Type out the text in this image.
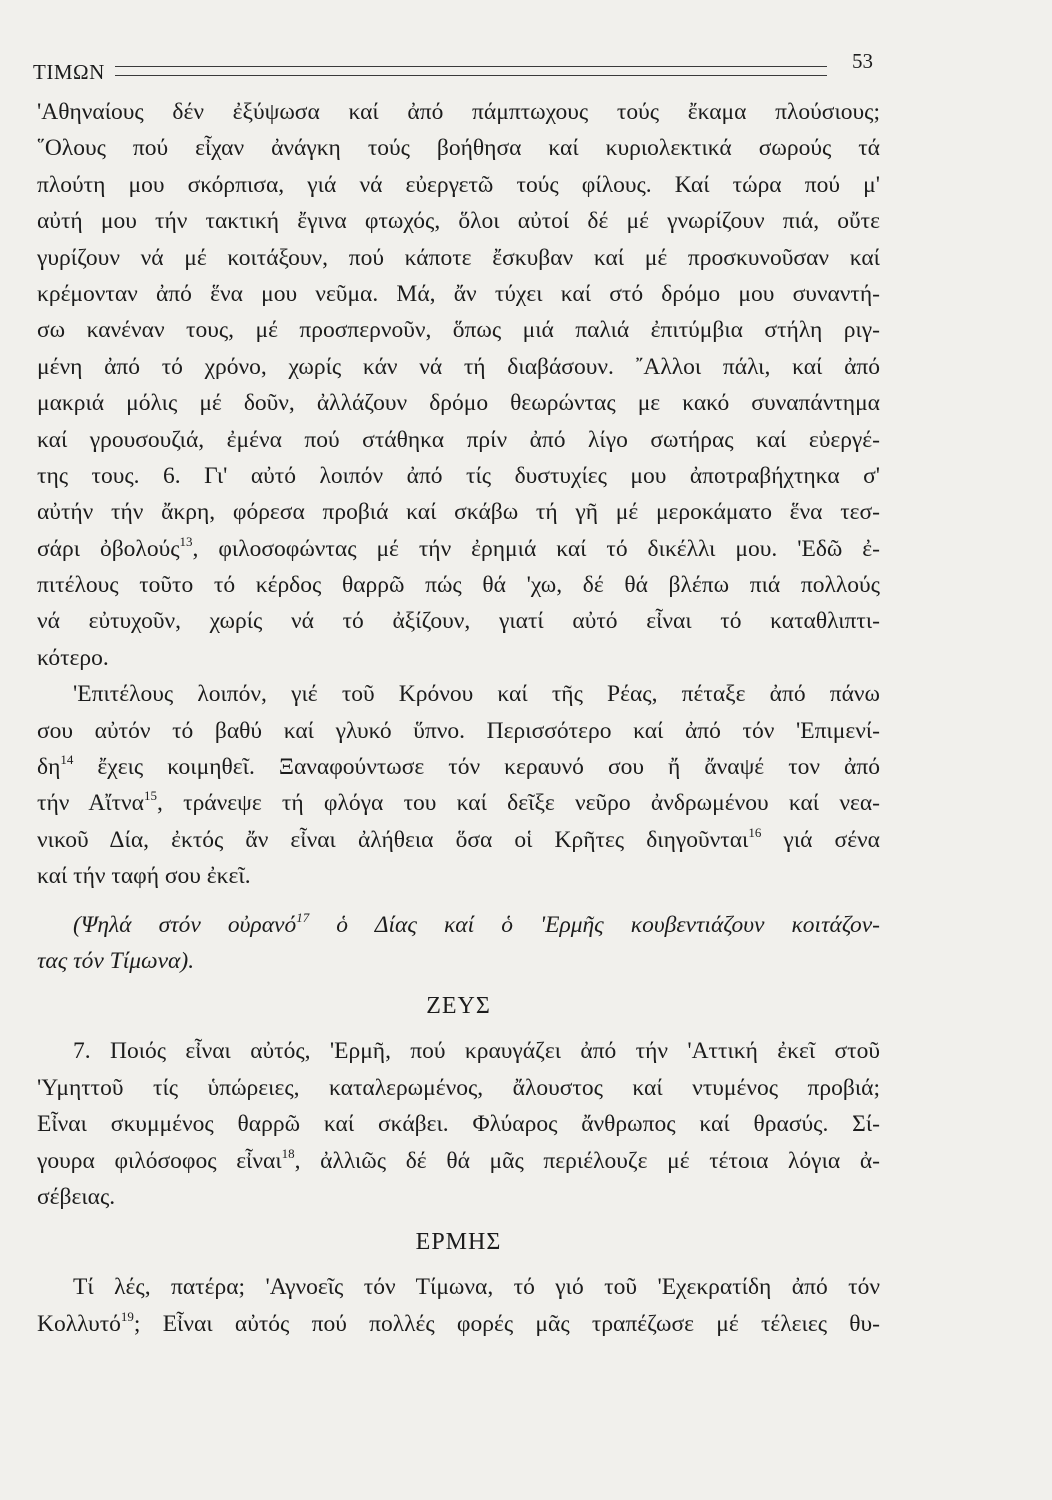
ΤΙΜΩΝ	53
'Αθηναίους δέν ἐξύψωσα καί ἀπό πάμπτωχους τούς ἔκαμα πλούσιους;
῞Ολους πού εἶχαν ἀνάγκη τούς βοήθησα καί κυριολεκτικά σωρούς τά
πλούτη μου σκόρπισα, γιά νά εὐεργετῶ τούς φίλους. Καί τώρα πού μ'
αὐτή μου τήν τακτική ἔγινα φτωχός, ὅλοι αὐτοί δέ μέ γνωρίζουν πιά, οὔτε
γυρίζουν νά μέ κοιτάξουν, πού κάποτε ἔσκυβαν καί μέ προσκυνοῦσαν καί
κρέμονταν ἀπό ἕνα μου νεῦμα. Μά, ἄν τύχει καί στό δρόμο μου συναντή-
σω κανέναν τους, μέ προσπερνοῦν, ὅπως μιά παλιά ἐπιτύμβια στήλη ριγ-
μένη ἀπό τό χρόνο, χωρίς κάν νά τή διαβάσουν. ῎Αλλοι πάλι, καί ἀπό
μακριά μόλις μέ δοῦν, ἀλλάζουν δρόμο θεωρώντας με κακό συναπάντημα
καί γρουσουζιά, ἐμένα πού στάθηκα πρίν ἀπό λίγο σωτήρας καί εὐεργέ-
της τους. 6. Γι' αὐτό λοιπόν ἀπό τίς δυστυχίες μου ἀποτραβήχτηκα σ'
αὐτήν τήν ἄκρη, φόρεσα προβιά καί σκάβω τή γῆ μέ μεροκάματο ἕνα τεσ-
σάρι ὀβολούς$^{13}$, φιλοσοφώντας μέ τήν ἐρημιά καί τό δικέλλι μου. 'Εδῶ ἐ-
πιτέλους τοῦτο τό κέρδος θαρρῶ πώς θά 'χω, δέ θά βλέπω πιά πολλούς
νά εὐτυχοῦν, χωρίς νά τό ἀξίζουν, γιατί αὐτό εἶναι τό καταθλιπτι-
κότερο.
'Επιτέλους λοιπόν, γιέ τοῦ Κρόνου καί τῆς Ρέας, πέταξε ἀπό πάνω
σου αὐτόν τό βαθύ καί γλυκό ὕπνο. Περισσότερο καί ἀπό τόν 'Επιμενί-
$\delta\eta^{14}$ ἔχεις κοιμηθεῖ. Ξαναφούντωσε τόν κεραυνό σου ἤ ἄναψέ τον ἀπό
τήν Αἴτνα$^{15}$, τράνεψε τή φλόγα του καί δεῖξε νεῦρο ἀνδρωμένου καί νεα-
νικοῦ Δία, ἐκτός ἄν εἶναι ἀλήθεια ὅσα οἱ Κρῆτες διηγοῦνται$^{16}$ γιά σένα
καί τήν ταφή σου ἐκεῖ.
(Ψηλά στόν οὐρανό$^{17}$ ὁ Δίας καί ὁ 'Ερμῆς κουβεντιάζουν κοιτάζον-
τας τόν Τίμωνα).
ΖΕΥΣ
7. Ποιός εἶναι αὐτός, 'Ερμῆ, πού κραυγάζει ἀπό τήν 'Αττική ἐκεῖ στοῦ
'Υμηττοῦ τίς ὑπώρειες, καταλερωμένος, ἄλουστος καί ντυμένος προβιά;
Εἶναι σκυμμένος θαρρῶ καί σκάβει. Φλύαρος ἄνθρωπος καί θρασύς. Σί-
γουρα φιλόσοφος εἶναι$^{18}$, ἀλλιῶς δέ θά μᾶς περιέλουζε μέ τέτοια λόγια ἀ-
σέβειας.
ΕΡΜΗΣ
Τί λές, πατέρα; 'Αγνοεῖς τόν Τίμωνα, τό γιό τοῦ 'Εχεκρατίδη ἀπό τόν
Κολλυτό$^{19}$; Εἶναι αὐτός πού πολλές φορές μᾶς τραπέζωσε μέ τέλειες θυ-
